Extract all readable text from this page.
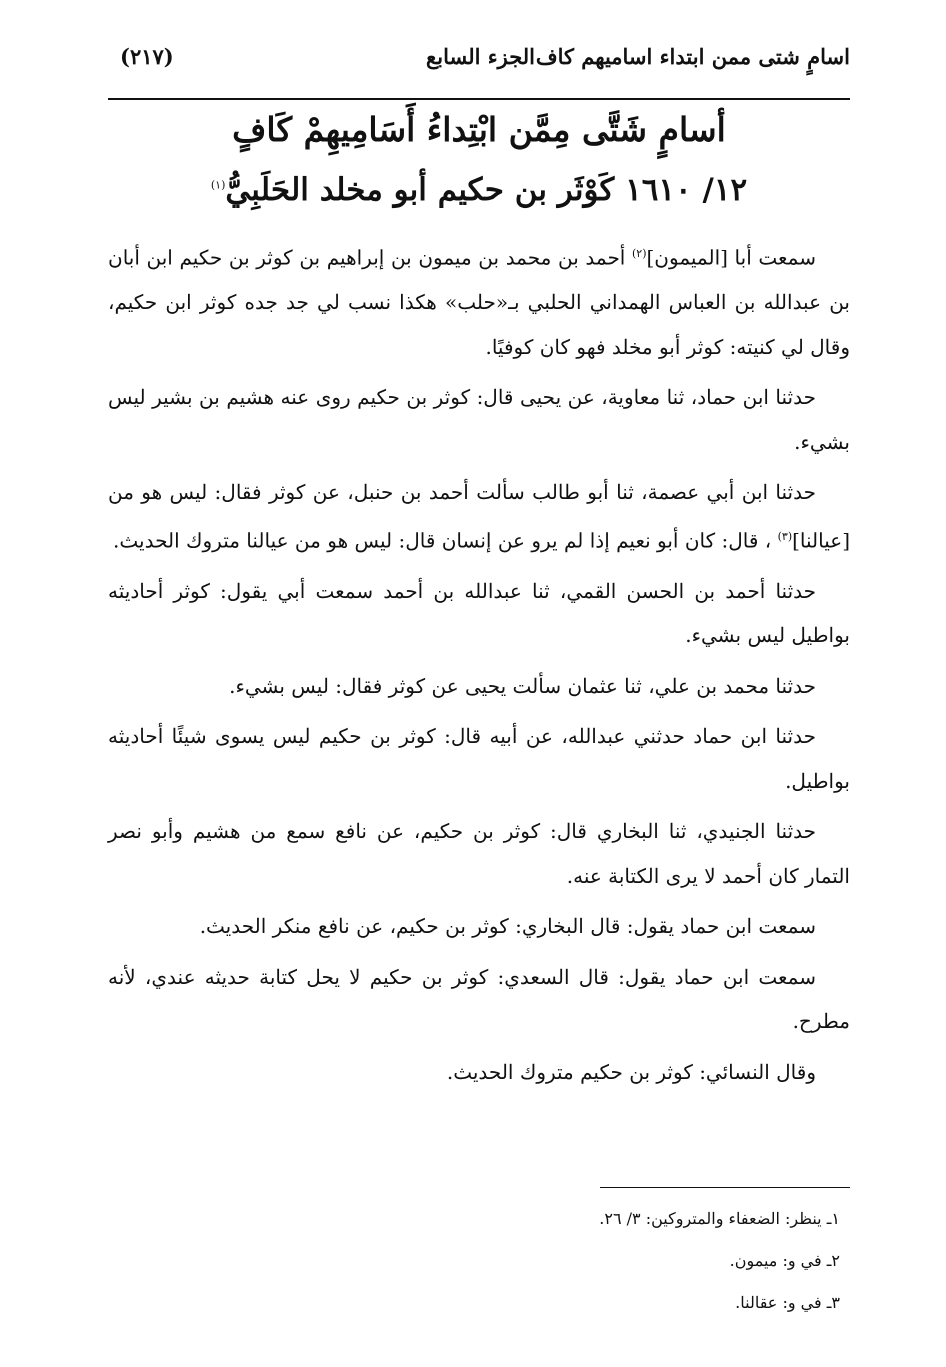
اسامٍ شتى ممن ابتداء اساميهم كاف
الجزء السابع
(٢١٧)
أسامٍ شَتَّى مِمَّن ابْتِداءُ أَسَامِيهِمْ كَافٍ
١٢/ ١٦١٠ كَوْثَر بن حكيم أبو مخلد الحَلَبِيُّ$^{(١)}$

سمعت أبا [الميمون]$^{(٢)}$ أحمد بن محمد بن ميمون بن إبراهيم بن كوثر بن حكيم ابن أبان بن عبدالله بن العباس الهمداني الحلبي بـ«حلب» هكذا نسب لي جد جده كوثر ابن حكيم، وقال لي كنيته: كوثر أبو مخلد فهو كان كوفيًا.

حدثنا ابن حماد، ثنا معاوية، عن يحيى قال: كوثر بن حكيم روى عنه هشيم بن بشير ليس بشيء.

حدثنا ابن أبي عصمة، ثنا أبو طالب سألت أحمد بن حنبل، عن كوثر فقال: ليس هو من [عيالنا]$^{(٣)}$ ، قال: كان أبو نعيم إذا لم يرو عن إنسان قال: ليس هو من عيالنا متروك الحديث.

حدثنا أحمد بن الحسن القمي، ثنا عبدالله بن أحمد سمعت أبي يقول: كوثر أحاديثه بواطيل ليس بشيء.

حدثنا محمد بن علي، ثنا عثمان سألت يحيى عن كوثر فقال: ليس بشيء.

حدثنا ابن حماد حدثني عبدالله، عن أبيه قال: كوثر بن حكيم ليس يسوى شيئًا أحاديثه بواطيل.

حدثنا الجنيدي، ثنا البخاري قال: كوثر بن حكيم، عن نافع سمع من هشيم وأبو نصر التمار كان أحمد لا يرى الكتابة عنه.

سمعت ابن حماد يقول: قال البخاري: كوثر بن حكيم، عن نافع منكر الحديث.

سمعت ابن حماد يقول: قال السعدي: كوثر بن حكيم لا يحل كتابة حديثه عندي، لأنه مطرح.

وقال النسائي: كوثر بن حكيم متروك الحديث.

١ـ ينظر: الضعفاء والمتروكين: ٣/ ٢٦.
٢ـ في و: ميمون.
٣ـ في و: عقالنا.
